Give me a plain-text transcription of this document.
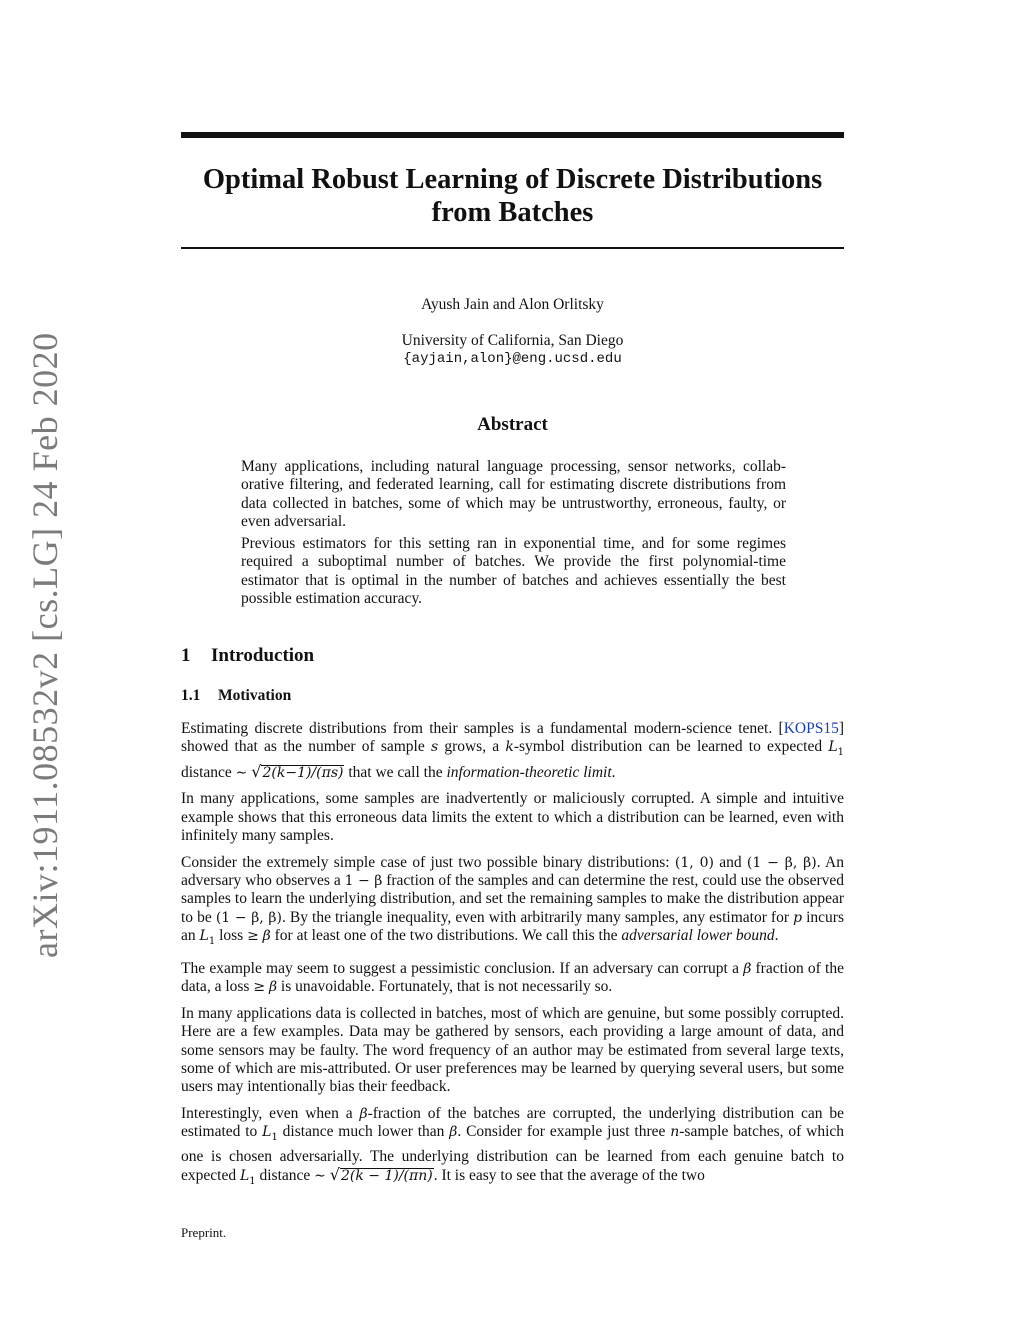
arXiv:1911.08532v2 [cs.LG] 24 Feb 2020
Optimal Robust Learning of Discrete Distributions
from Batches
Ayush Jain and Alon Orlitsky
University of California, San Diego
{ayjain,alon}@eng.ucsd.edu
Abstract

Many applications, including natural language processing, sensor networks, collab-orative filtering, and federated learning, call for estimating discrete distributions from data collected in batches, some of which may be untrustworthy, erroneous, faulty, or even adversarial.

Previous estimators for this setting ran in exponential time, and for some regimes required a suboptimal number of batches. We provide the first polynomial-time estimator that is optimal in the number of batches and achieves essentially the best possible estimation accuracy.

1 Introduction
1.1 Motivation

Estimating discrete distributions from their samples is a fundamental modern-science tenet. [KOPS15] showed that as the number of sample s grows, a k-symbol distribution can be learned to expected $L_1$ distance ∼ √2(k−1)/(πs) that we call the information-theoretic limit.

In many applications, some samples are inadvertently or maliciously corrupted. A simple and intuitive example shows that this erroneous data limits the extent to which a distribution can be learned, even with infinitely many samples.

Consider the extremely simple case of just two possible binary distributions: (1, 0) and (1 − β, β). An adversary who observes a 1 − β fraction of the samples and can determine the rest, could use the observed samples to learn the underlying distribution, and set the remaining samples to make the distribution appear to be (1 − β, β). By the triangle inequality, even with arbitrarily many samples, any estimator for p incurs an $L_1$ loss ≥ β for at least one of the two distributions. We call this the adversarial lower bound.

The example may seem to suggest a pessimistic conclusion. If an adversary can corrupt a β fraction of the data, a loss ≥ β is unavoidable. Fortunately, that is not necessarily so.

In many applications data is collected in batches, most of which are genuine, but some possibly corrupted. Here are a few examples. Data may be gathered by sensors, each providing a large amount of data, and some sensors may be faulty. The word frequency of an author may be estimated from several large texts, some of which are mis-attributed. Or user preferences may be learned by querying several users, but some users may intentionally bias their feedback.

Interestingly, even when a β-fraction of the batches are corrupted, the underlying distribution can be estimated to $L_1$ distance much lower than β. Consider for example just three n-sample batches, of which one is chosen adversarially. The underlying distribution can be learned from each genuine batch to expected $L_1$ distance ∼ √2(k − 1)/(πn). It is easy to see that the average of the two

Preprint.
